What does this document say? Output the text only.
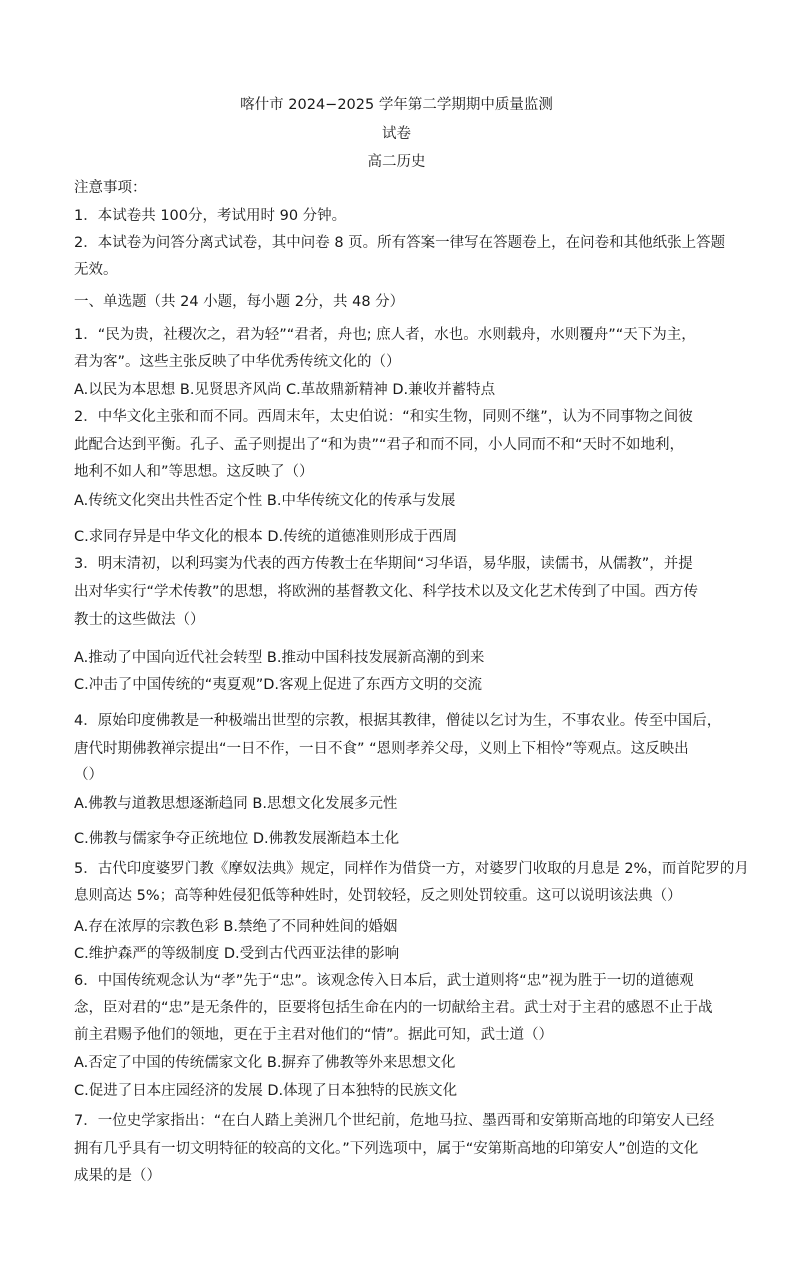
喀什市 2024−2025 学年第二学期期中质量监测
试卷
高二历史
注意事项：
1．本试卷共 100分，考试用时 90 分钟。
2．本试卷为问答分离式试卷，其中问卷 8 页。所有答案一律写在答题卷上，在问卷和其他纸张上答题
无效。
一、单选题（共 24 小题，每小题 2分，共 48 分）
1．“民为贵，社稷次之，君为轻”“君者，舟也; 庶人者，水也。水则载舟，水则覆舟”“天下为主，
君为客”。这些主张反映了中华优秀传统文化的（）
A.以民为本思想 B.见贤思齐风尚 C.革故鼎新精神 D.兼收并蓄特点
2．中华文化主张和而不同。西周末年，太史伯说：“和实生物，同则不继”，认为不同事物之间彼
此配合达到平衡。孔子、孟子则提出了“和为贵”“君子和而不同，小人同而不和“天时不如地利，
地利不如人和”等思想。这反映了（）
A.传统文化突出共性否定个性 B.中华传统文化的传承与发展
C.求同存异是中华文化的根本 D.传统的道德准则形成于西周
3．明末清初，以利玛窦为代表的西方传教士在华期间“习华语，易华服，读儒书，从儒教”，并提
出对华实行“学术传教”的思想，将欧洲的基督教文化、科学技术以及文化艺术传到了中国。西方传
教士的这些做法（）
A.推动了中国向近代社会转型 B.推动中国科技发展新高潮的到来
C.冲击了中国传统的“夷夏观”D.客观上促进了东西方文明的交流
4．原始印度佛教是一种极端出世型的宗教，根据其教律，僧徒以乞讨为生，不事农业。传至中国后，
唐代时期佛教禅宗提出“一日不作，一日不食” “恩则孝养父母，义则上下相怜”等观点。这反映出
（）
A.佛教与道教思想逐渐趋同 B.思想文化发展多元性
C.佛教与儒家争夺正统地位 D.佛教发展渐趋本土化
5．古代印度婆罗门教《摩奴法典》规定，同样作为借贷一方，对婆罗门收取的月息是 2%，而首陀罗的月
息则高达 5%；高等种姓侵犯低等种姓时，处罚较轻，反之则处罚较重。这可以说明该法典（）
A.存在浓厚的宗教色彩 B.禁绝了不同种姓间的婚姻
C.维护森严的等级制度 D.受到古代西亚法律的影响
6．中国传统观念认为“孝”先于“忠”。该观念传入日本后，武士道则将“忠”视为胜于一切的道德观
念，臣对君的“忠”是无条件的，臣要将包括生命在内的一切献给主君。武士对于主君的感恩不止于战
前主君赐予他们的领地，更在于主君对他们的“情”。据此可知，武士道（）
A.否定了中国的传统儒家文化 B.摒弃了佛教等外来思想文化
C.促进了日本庄园经济的发展 D.体现了日本独特的民族文化
7．一位史学家指出：“在白人踏上美洲几个世纪前，危地马拉、墨西哥和安第斯高地的印第安人已经
拥有几乎具有一切文明特征的较高的文化。”下列选项中，属于“安第斯高地的印第安人”创造的文化
成果的是（）
